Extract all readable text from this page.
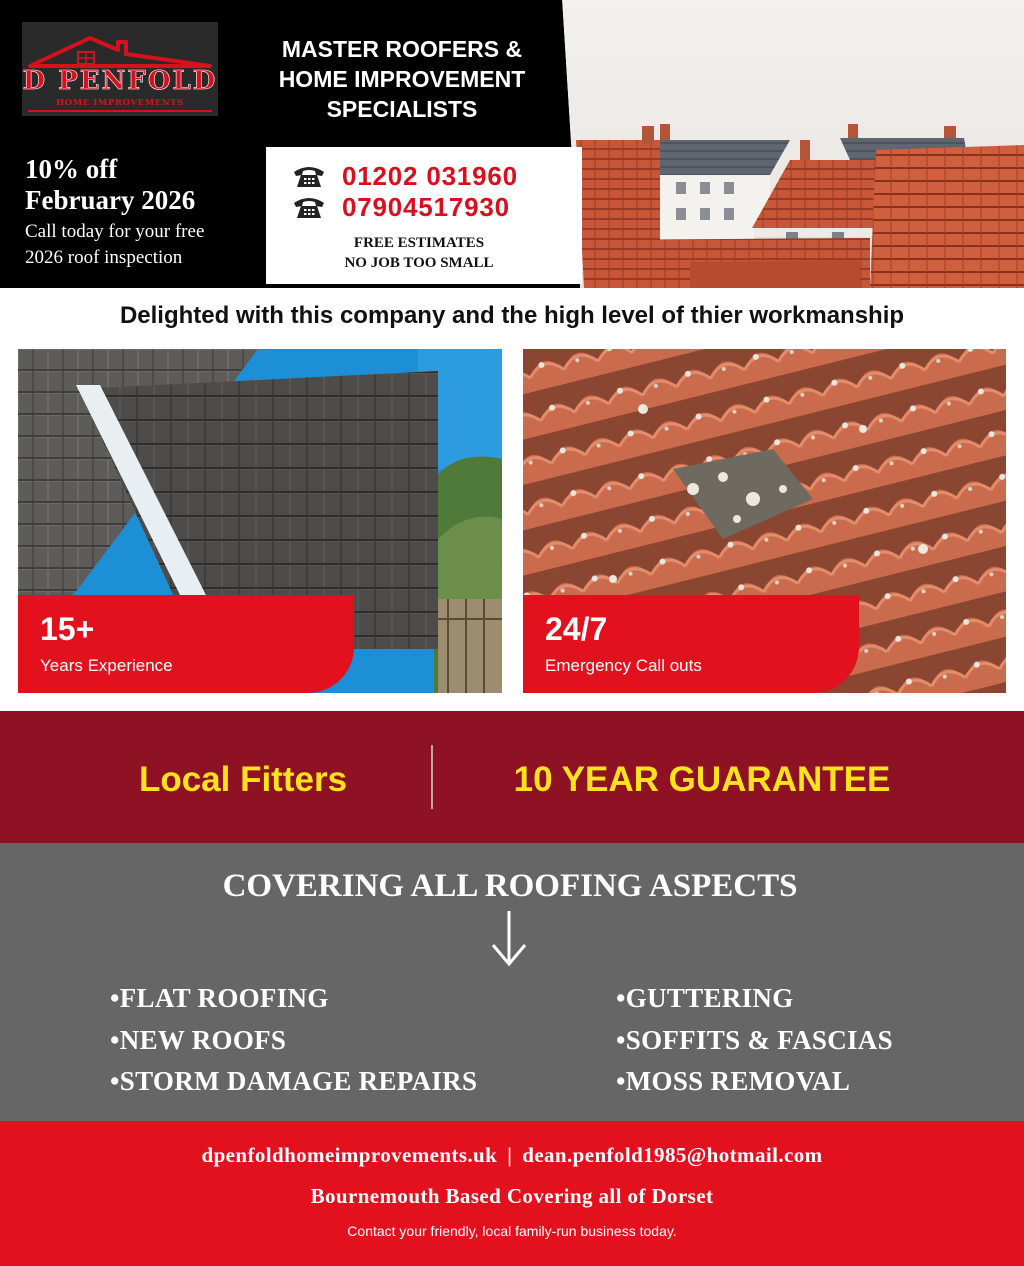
D PENFOLD
HOME IMPROVEMENTS
MASTER ROOFERS &
HOME IMPROVEMENT
SPECIALISTS
10% off
February 2026
Call today for your free
2026 roof inspection
01202 031960
07904517930
FREE ESTIMATES
NO JOB TOO SMALL
Delighted with this company and the high level of thier workmanship
15+
Years Experience
24/7
Emergency Call outs
Local Fitters	10 YEAR GUARANTEE
COVERING ALL ROOFING ASPECTS
• FLAT ROOFING
• NEW ROOFS
• STORM DAMAGE REPAIRS
• GUTTERING
• SOFFITS & FASCIAS
• MOSS REMOVAL
dpenfoldhomeimprovements.uk | dean.penfold1985@hotmail.com
Bournemouth Based Covering all of Dorset
Contact your friendly, local family-run business today.
